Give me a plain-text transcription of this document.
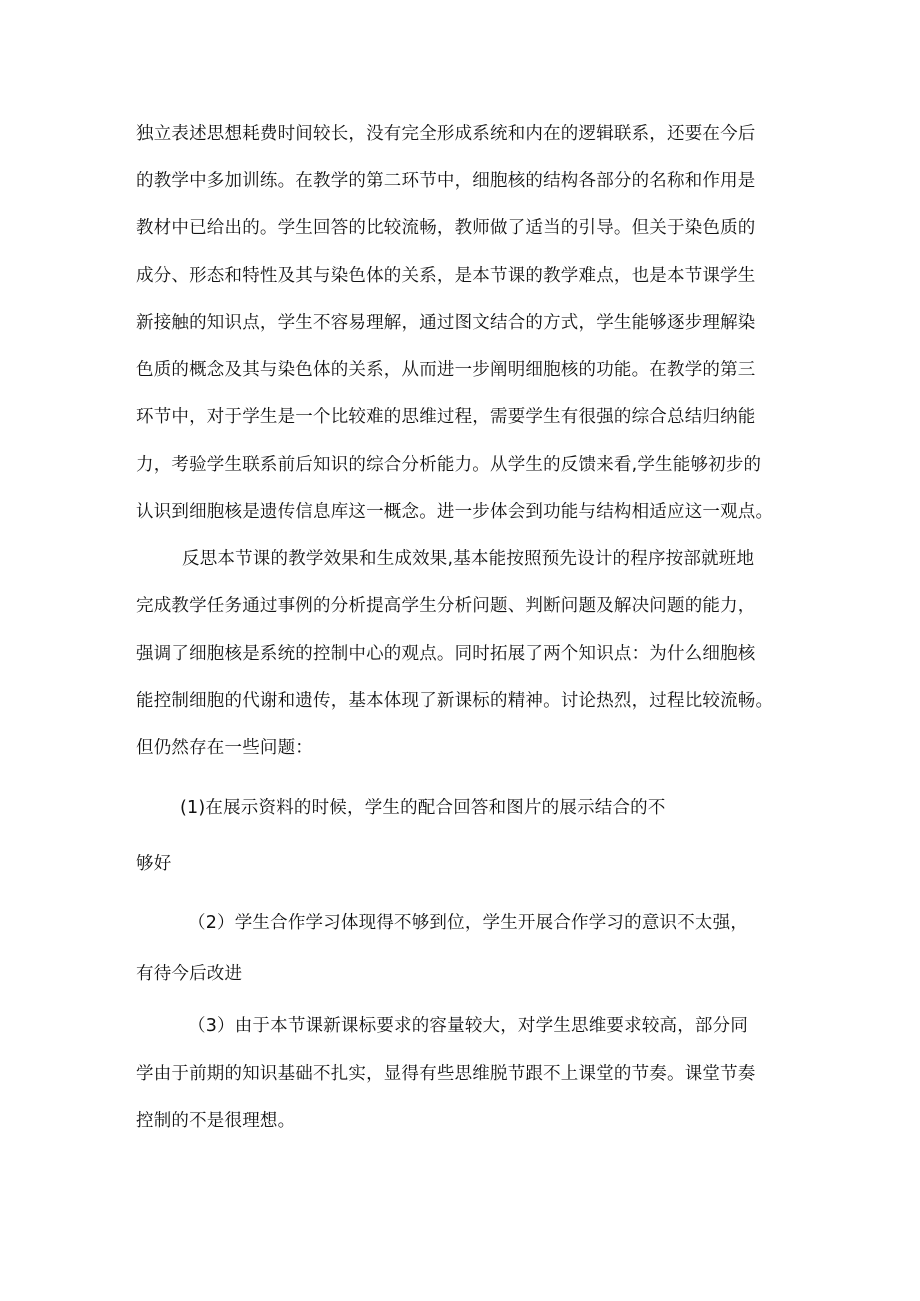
独立表述思想耗费时间较长，没有完全形成系统和内在的逻辑联系，还要在今后
的教学中多加训练。在教学的第二环节中，细胞核的结构各部分的名称和作用是
教材中已给出的。学生回答的比较流畅，教师做了适当的引导。但关于染色质的
成分、形态和特性及其与染色体的关系，是本节课的教学难点，也是本节课学生
新接触的知识点，学生不容易理解，通过图文结合的方式，学生能够逐步理解染
色质的概念及其与染色体的关系，从而进一步阐明细胞核的功能。在教学的第三
环节中，对于学生是一个比较难的思维过程，需要学生有很强的综合总结归纳能
力，考验学生联系前后知识的综合分析能力。从学生的反馈来看,学生能够初步的
认识到细胞核是遗传信息库这一概念。进一步体会到功能与结构相适应这一观点。
反思本节课的教学效果和生成效果,基本能按照预先设计的程序按部就班地
完成教学任务通过事例的分析提高学生分析问题、判断问题及解决问题的能力，
强调了细胞核是系统的控制中心的观点。同时拓展了两个知识点：为什么细胞核
能控制细胞的代谢和遗传，基本体现了新课标的精神。讨论热烈，过程比较流畅。
但仍然存在一些问题：
(1)在展示资料的时候，学生的配合回答和图片的展示结合的不
够好
（2）学生合作学习体现得不够到位，学生开展合作学习的意识不太强，
有待今后改进
（3）由于本节课新课标要求的容量较大，对学生思维要求较高，部分同
学由于前期的知识基础不扎实，显得有些思维脱节跟不上课堂的节奏。课堂节奏
控制的不是很理想。
